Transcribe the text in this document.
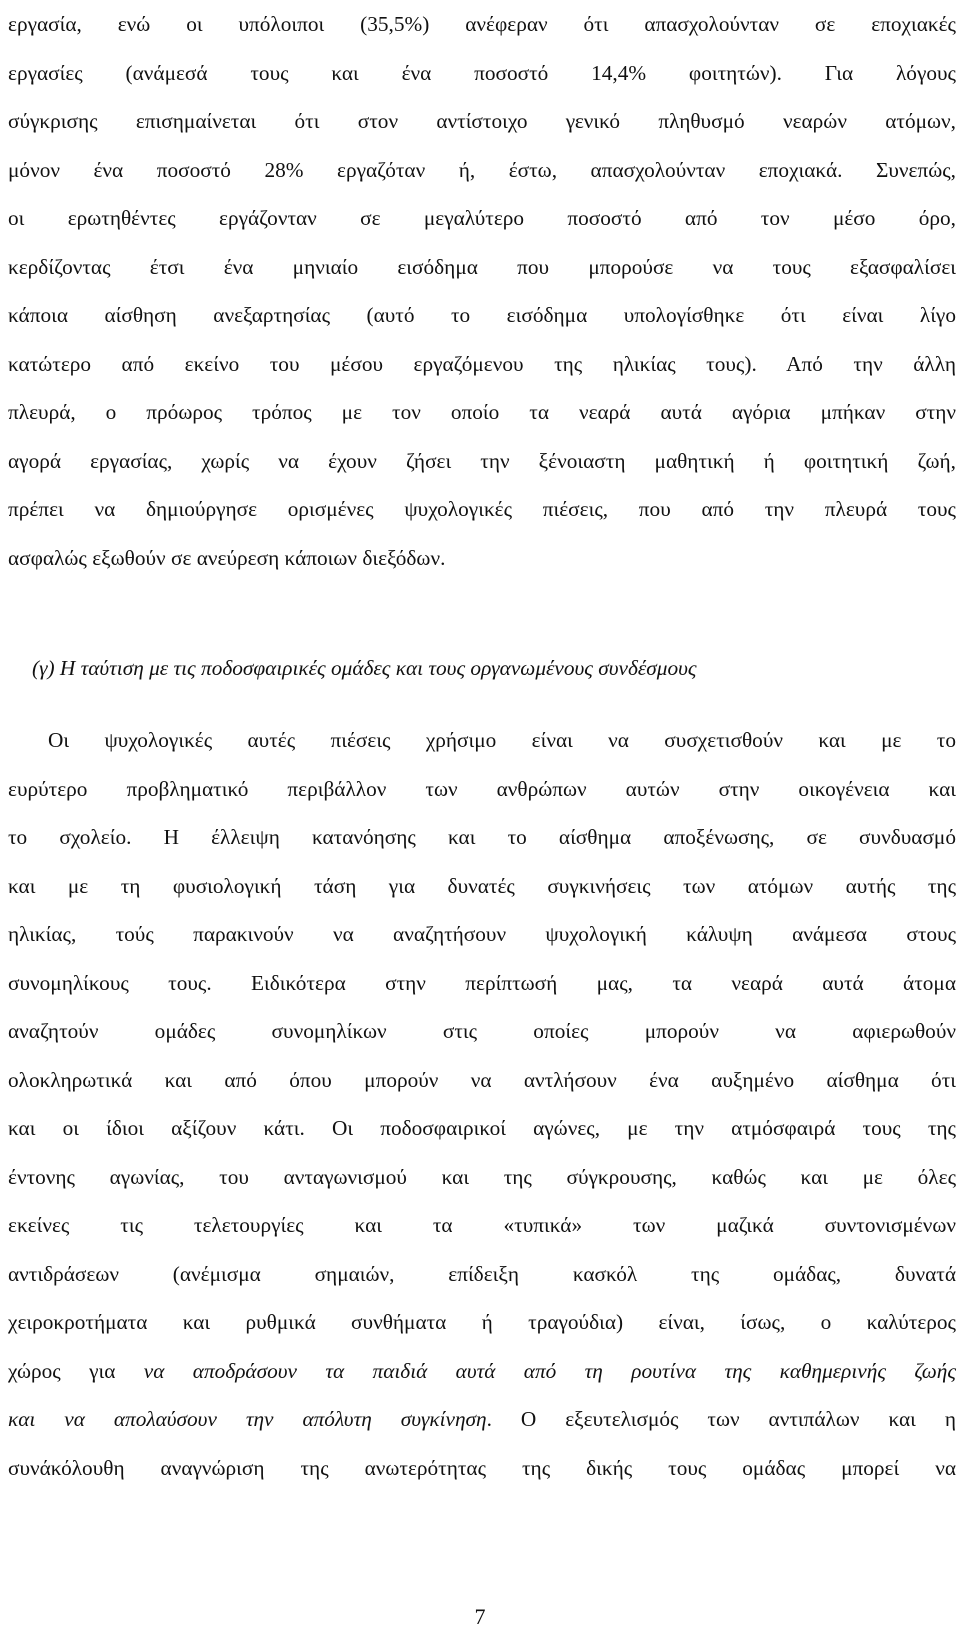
εργασία, ενώ οι υπόλοιποι (35,5%) ανέφεραν ότι απασχολούνταν σε εποχιακές
εργασίες (ανάμεσά τους και ένα ποσοστό 14,4% φοιτητών). Για λόγους
σύγκρισης επισημαίνεται ότι στον αντίστοιχο γενικό πληθυσμό νεαρών ατόμων,
μόνον ένα ποσοστό 28% εργαζόταν ή, έστω, απασχολούνταν εποχιακά. Συνεπώς,
οι ερωτηθέντες εργάζονταν σε μεγαλύτερο ποσοστό από τον μέσο όρο,
κερδίζοντας έτσι ένα μηνιαίο εισόδημα που μπορούσε να τους εξασφαλίσει
κάποια αίσθηση ανεξαρτησίας (αυτό το εισόδημα υπολογίσθηκε ότι είναι λίγο
κατώτερο από εκείνο του μέσου εργαζόμενου της ηλικίας τους). Από την άλλη
πλευρά, ο πρόωρος τρόπος με τον οποίο τα νεαρά αυτά αγόρια μπήκαν στην
αγορά εργασίας, χωρίς να έχουν ζήσει την ξένοιαστη μαθητική ή φοιτητική ζωή,
πρέπει να δημιούργησε ορισμένες ψυχολογικές πιέσεις, που από την πλευρά τους
ασφαλώς εξωθούν σε ανεύρεση κάποιων διεξόδων.
(γ) Η ταύτιση με τις ποδοσφαιρικές ομάδες και τους οργανωμένους συνδέσμους
Οι ψυχολογικές αυτές πιέσεις χρήσιμο είναι να συσχετισθούν και με το
ευρύτερο προβληματικό περιβάλλον των ανθρώπων αυτών στην οικογένεια και
το σχολείο. Η έλλειψη κατανόησης και το αίσθημα αποξένωσης, σε συνδυασμό
και με τη φυσιολογική τάση για δυνατές συγκινήσεις των ατόμων αυτής της
ηλικίας, τούς παρακινούν να αναζητήσουν ψυχολογική κάλυψη ανάμεσα στους
συνομηλίκους τους. Ειδικότερα στην περίπτωσή μας, τα νεαρά αυτά άτομα
αναζητούν ομάδες συνομηλίκων στις οποίες μπορούν να αφιερωθούν
ολοκληρωτικά και από όπου μπορούν να αντλήσουν ένα αυξημένο αίσθημα ότι
και οι ίδιοι αξίζουν κάτι. Οι ποδοσφαιρικοί αγώνες, με την ατμόσφαιρά τους της
έντονης αγωνίας, του ανταγωνισμού και της σύγκρουσης, καθώς και με όλες
εκείνες τις τελετουργίες και τα «τυπικά» των μαζικά συντονισμένων
αντιδράσεων (ανέμισμα σημαιών, επίδειξη κασκόλ της ομάδας, δυνατά
χειροκροτήματα και ρυθμικά συνθήματα ή τραγούδια) είναι, ίσως, ο καλύτερος
χώρος για να αποδράσουν τα παιδιά αυτά από τη ρουτίνα της καθημερινής ζωής
και να απολαύσουν την απόλυτη συγκίνηση. Ο εξευτελισμός των αντιπάλων και η
συνάκόλουθη αναγνώριση της ανωτερότητας της δικής τους ομάδας μπορεί να
7
